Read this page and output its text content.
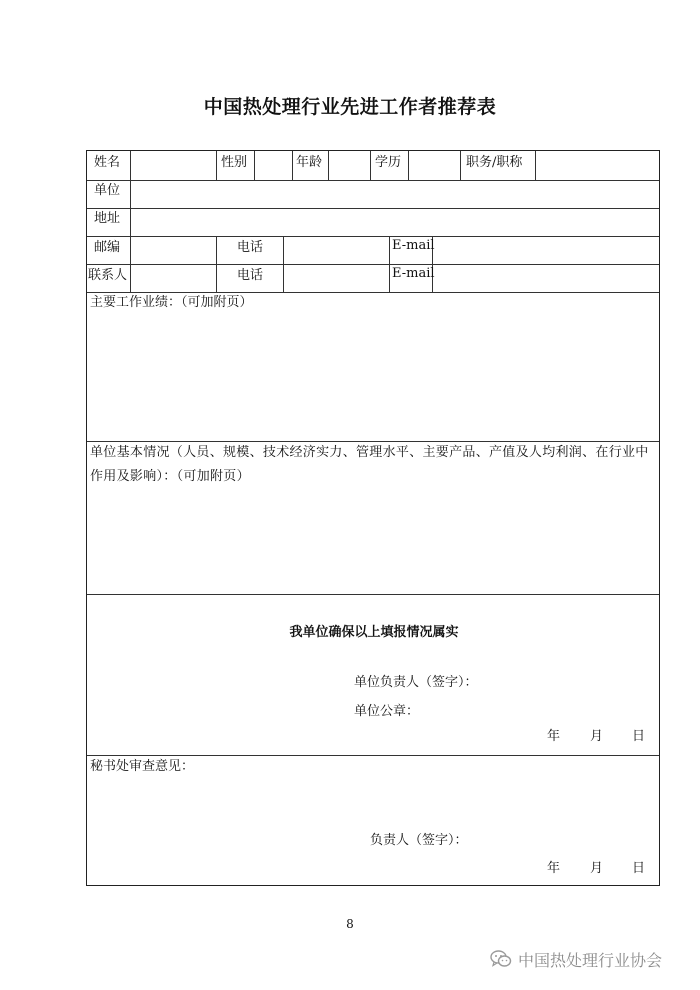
中国热处理行业先进工作者推荐表
姓名	性别	年龄	学历	职务/职称
单位
地址
邮编	电话	E-mail
联系人	电话	E-mail
主要工作业绩：（可加附页）
单位基本情况（人员、规模、技术经济实力、管理水平、主要产品、产值及人均利润、在行业中作用及影响）：（可加附页）
我单位确保以上填报情况属实
单位负责人（签字）：
单位公章：
年 月 日
秘书处审查意见：
负责人（签字）：
年 月 日
8
中国热处理行业协会
